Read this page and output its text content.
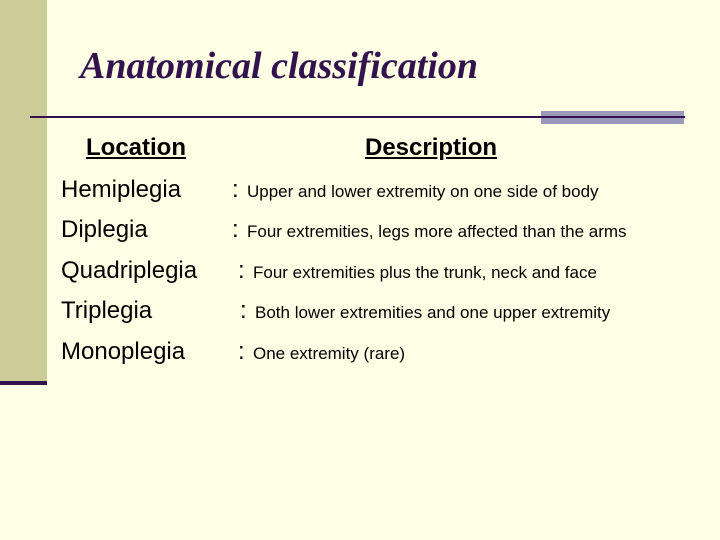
Anatomical classification
Location	Description
Hemiplegia : Upper and lower extremity on one side of body
Diplegia	: Four extremities, legs more affected than the arms
Quadriplegia : Four extremities plus the trunk, neck and face
Triplegia	: Both lower extremities and one upper extremity
Monoplegia : One extremity (rare)
